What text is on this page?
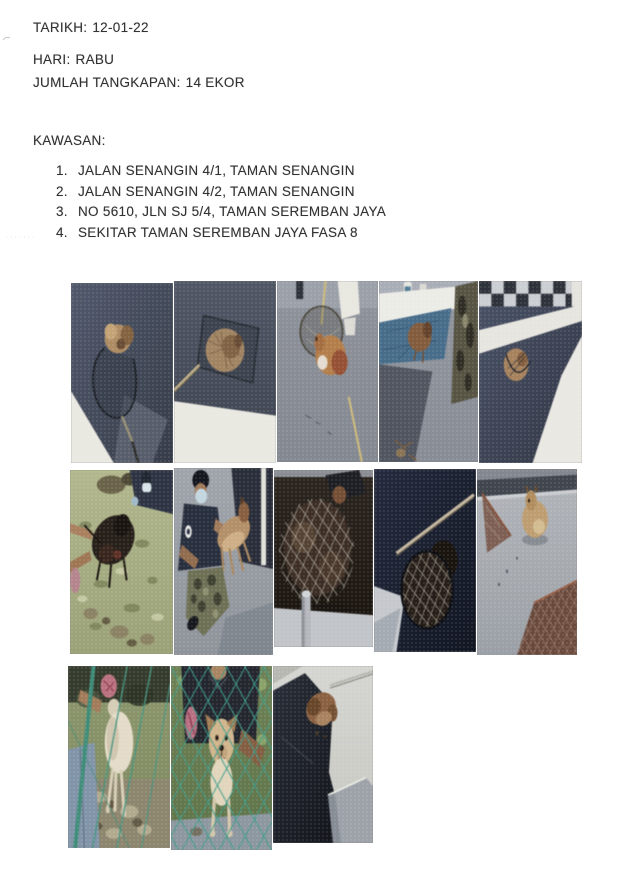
·······

TARIKH: 12-01-22

HARI: RABU

JUMLAH TANGKAPAN: 14 EKOR

KAWASAN:

1. JALAN SENANGIN 4/1, TAMAN SENANGIN
2. JALAN SENANGIN 4/2, TAMAN SENANGIN
3. NO 5610, JLN SJ 5/4, TAMAN SEREMBAN JAYA
4. SEKITAR TAMAN SEREMBAN JAYA FASA 8
